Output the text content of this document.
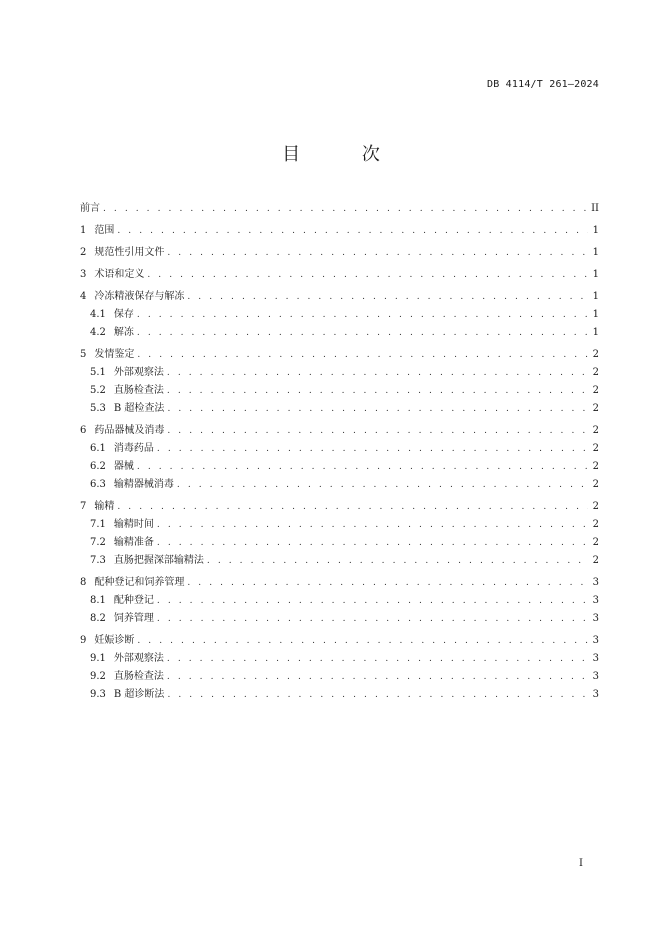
DB 4114/T 261—2024
目 次
前言 . . .	II
1 范围 . . .	1
2 规范性引用文件 . . .	1
3 术语和定义 . . .	1
4 冷冻精液保存与解冻 . . .	1
4.1 保存 . . .	1
4.2 解冻 . . .	1
5 发情鉴定 . . .	2
5.1 外部观察法 . . .	2
5.2 直肠检查法 . . .	2
5.3 B 超检查法 . . .	2
6 药品器械及消毒 . . .	2
6.1 消毒药品 . . .	2
6.2 器械 . . .	2
6.3 输精器械消毒 . . .	2
7 输精 . . .	2
7.1 输精时间 . . .	2
7.2 输精准备 . . .	2
7.3 直肠把握深部输精法 . . .	2
8 配种登记和饲养管理 . . .	3
8.1 配种登记 . . .	3
8.2 饲养管理 . . .	3
9 妊娠诊断 . . .	3
9.1 外部观察法 . . .	3
9.2 直肠检查法 . . .	3
9.3 B 超诊断法 . . .	3
I
